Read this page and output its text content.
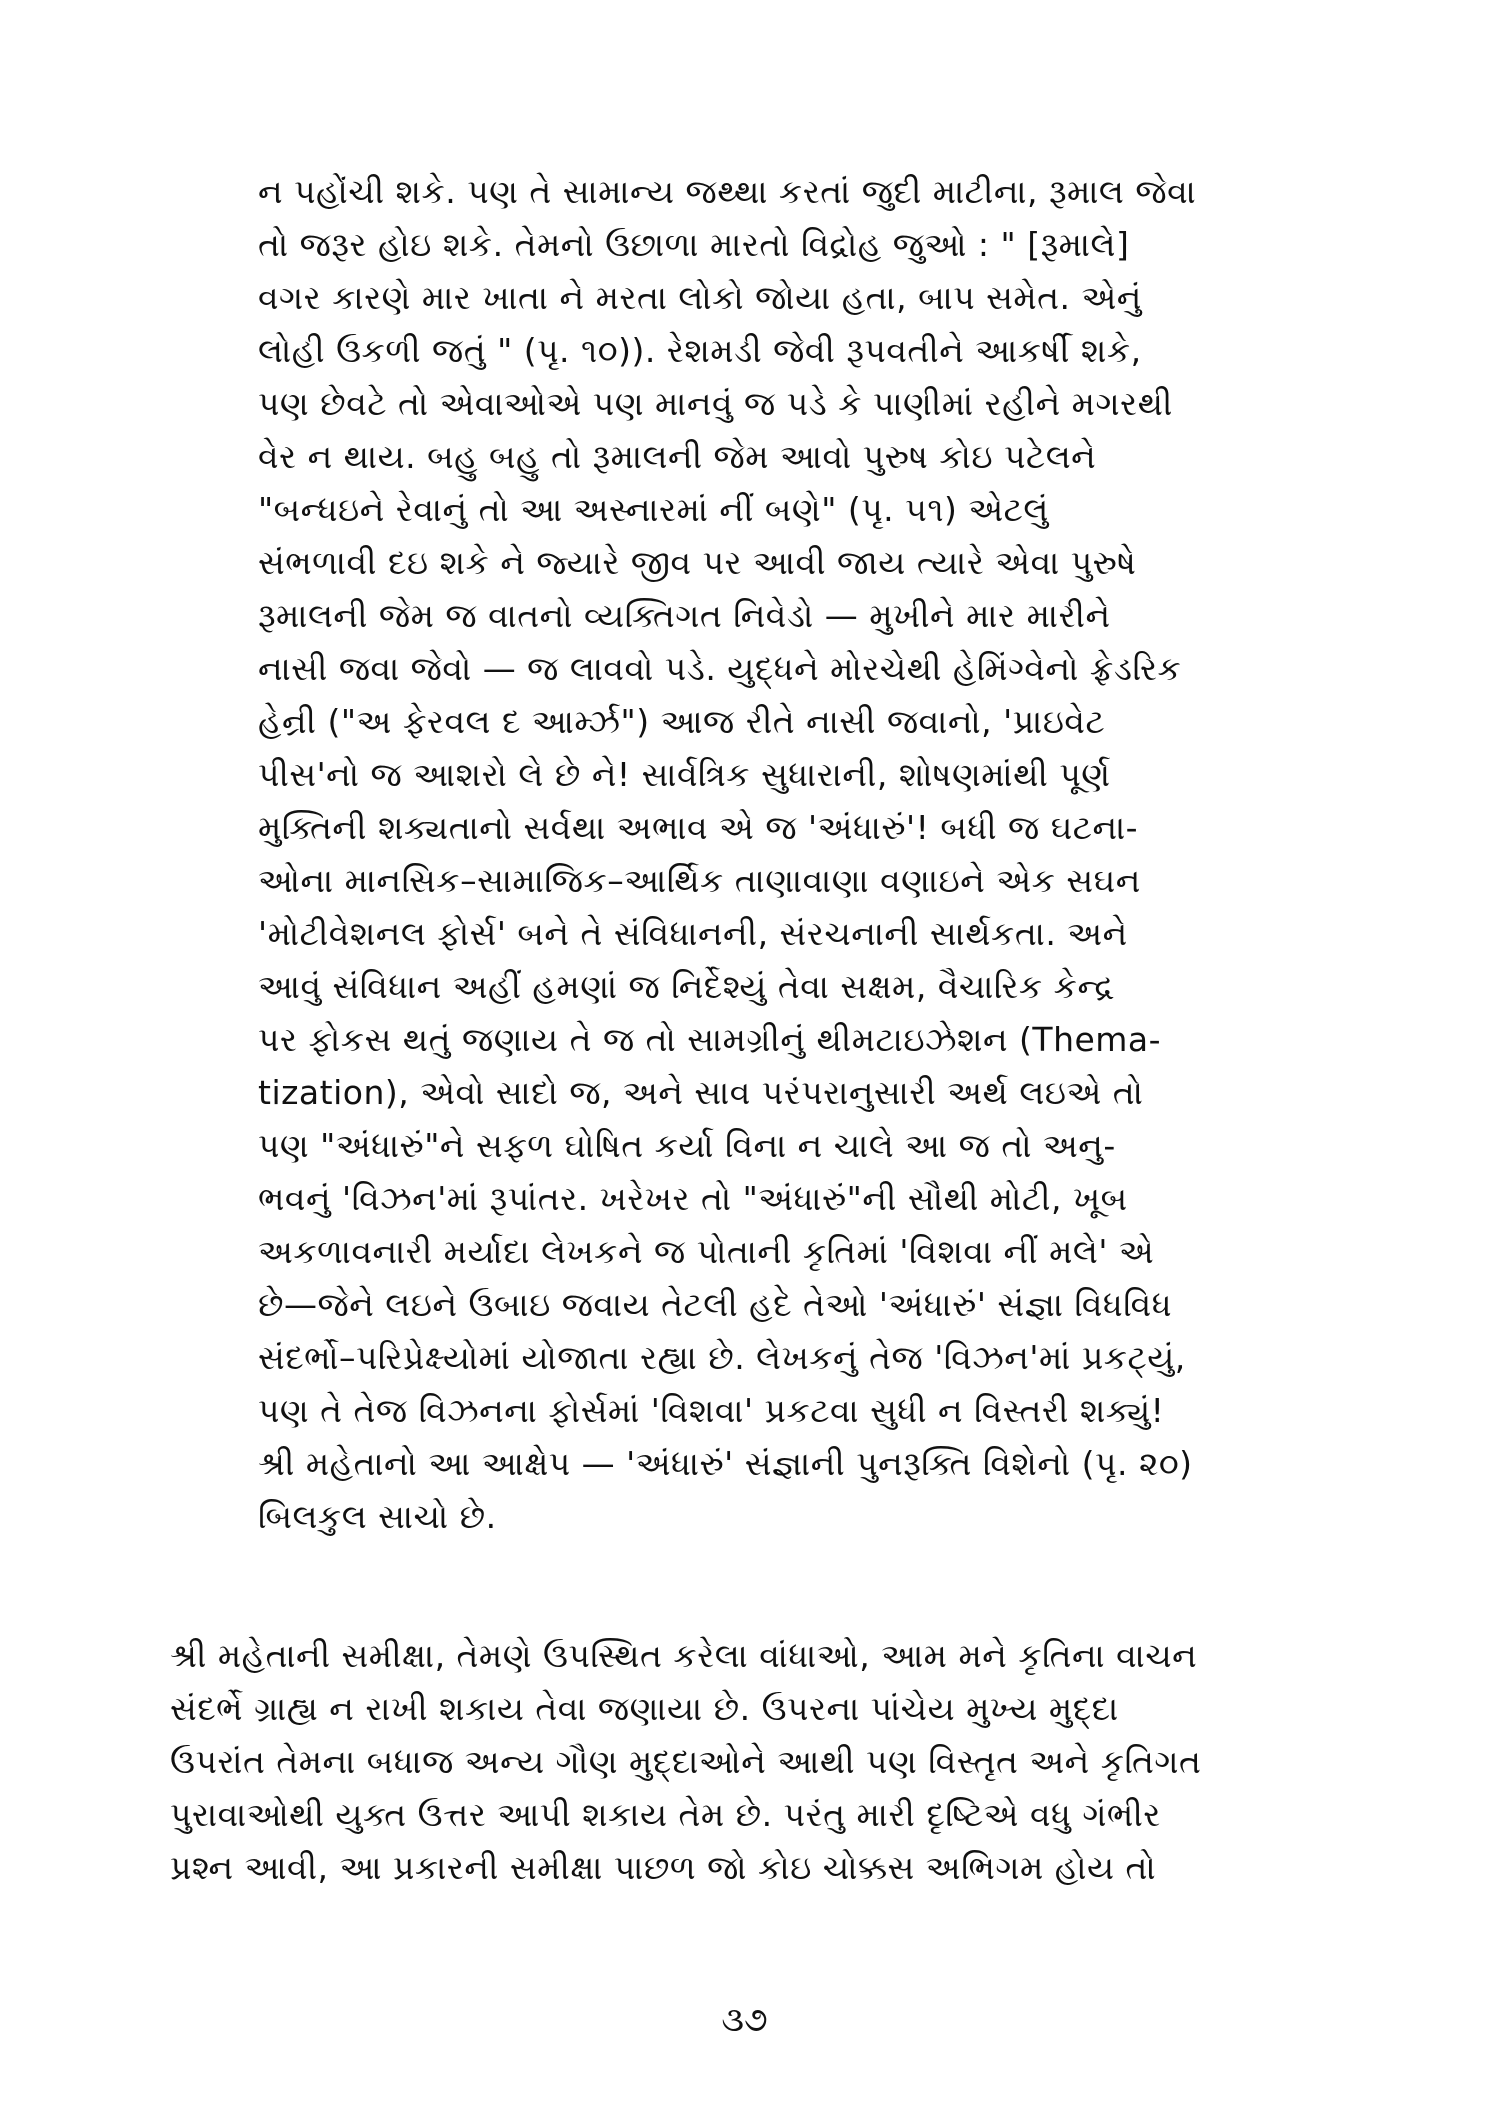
ન પહોંચી શકે. પણ તે સામાન્ય જથ્થા કરતાં જુદી માટીના, રૂમાલ જેવા
તો જરૂર હોઇ શકે. તેમનો ઉછાળા મારતો વિદ્રોહ જુઓ : " [રૂમાલે]
વગર કારણે માર ખાતા ને મરતા લોકો જોયા હતા, બાપ સમેત. એનું
લોહી ઉકળી જતું " (પૃ. ૧૦)). રેશમડી જેવી રૂપવતીને આકર્ષી શકે,
પણ છેવટે તો એવાઓએ પણ માનવું જ પડે કે પાણીમાં રહીને મગરથી
વેર ન થાય. બહુ બહુ તો રૂમાલની જેમ આવો પુરુષ કોઇ પટેલને
"બન્ધઇને રેવાનું તો આ અસ્નારમાં નીં બણે" (પૃ. ૫૧) એટલું
સંભળાવી દઇ શકે ને જ્યારે જીવ પર આવી જાય ત્યારે એવા પુરુષે
રૂમાલની જેમ જ વાતનો વ્યક્તિગત નિવેડો — મુખીને માર મારીને
નાસી જવા જેવો — જ લાવવો પડે. યુદ્ધને મોરચેથી હેમિંગ્વેનો ફ્રેડરિક
હેન્રી ("અ ફેરવલ દ આર્મ્ઝ") આજ રીતે નાસી જવાનો, 'પ્રાઇવેટ
પીસ'નો જ આશરો લે છે ને! સાર્વત્રિક સુધારાની, શોષણમાંથી પૂર્ણ
મુક્તિની શક્યતાનો સર્વથા અભાવ એ જ 'અંધારું'! બધી જ ઘટના-
ઓના માનસિક–સામાજિક–આર્થિક તાણાવાણા વણાઇને એક સઘન
'મોટીવેશનલ ફોર્સ' બને તે સંવિધાનની, સંરચનાની સાર્થકતા. અને
આવું સંવિધાન અહીં હમણાં જ નિર્દેશ્યું તેવા સક્ષમ, વૈચારિક કેન્દ્ર
પર ફોકસ થતું જણાય તે જ તો સામગ્રીનું થીમટાઇઝેશન (Thema-
tization), એવો સાદો જ, અને સાવ પરંપરાનુસારી અર્થ લઇએ તો
પણ "અંધારું"ને સફળ ઘોષિત કર્યા વિના ન ચાલે આ જ તો અનુ-
ભવનું 'વિઝન'માં રૂપાંતર. ખરેખર તો "અંધારું"ની સૌથી મોટી, ખૂબ
અકળાવનારી મર્યાદા લેખકને જ પોતાની કૃતિમાં 'વિશવા નીં મલે' એ
છે—જેને લઇને ઉબાઇ જવાય તેટલી હદે તેઓ 'અંધારું' સંજ્ઞા વિધવિધ
સંદર્ભો–પરિપ્રેક્ષ્યોમાં યોજાતા રહ્યા છે. લેખકનું તેજ 'વિઝન'માં પ્રકટ્યું,
પણ તે તેજ વિઝનના ફોર્સમાં 'વિશવા' પ્રકટવા સુધી ન વિસ્તરી શક્યું!
શ્રી મહેતાનો આ આક્ષેપ — 'અંધારું' સંજ્ઞાની પુનરૂક્તિ વિશેનો (પૃ. ૨૦)
બિલકુલ સાચો છે.
શ્રી મહેતાની સમીક્ષા, તેમણે ઉપસ્થિત કરેલા વાંધાઓ, આમ મને કૃતિના વાચન
સંદર્ભે ગ્રાહ્ય ન રાખી શકાય તેવા જણાયા છે. ઉપરના પાંચેય મુખ્ય મુદ્દા
ઉપરાંત તેમના બધાજ અન્ય ગૌણ મુદ્દાઓને આથી પણ વિસ્તૃત અને કૃતિગત
પુરાવાઓથી યુક્ત ઉત્તર આપી શકાય તેમ છે. પરંતુ મારી દૃષ્ટિએ વધુ ગંભીર
પ્રશ્ન આવી, આ પ્રકારની સમીક્ષા પાછળ જો કોઇ ચોક્કસ અભિગમ હોય તો
૩૭
